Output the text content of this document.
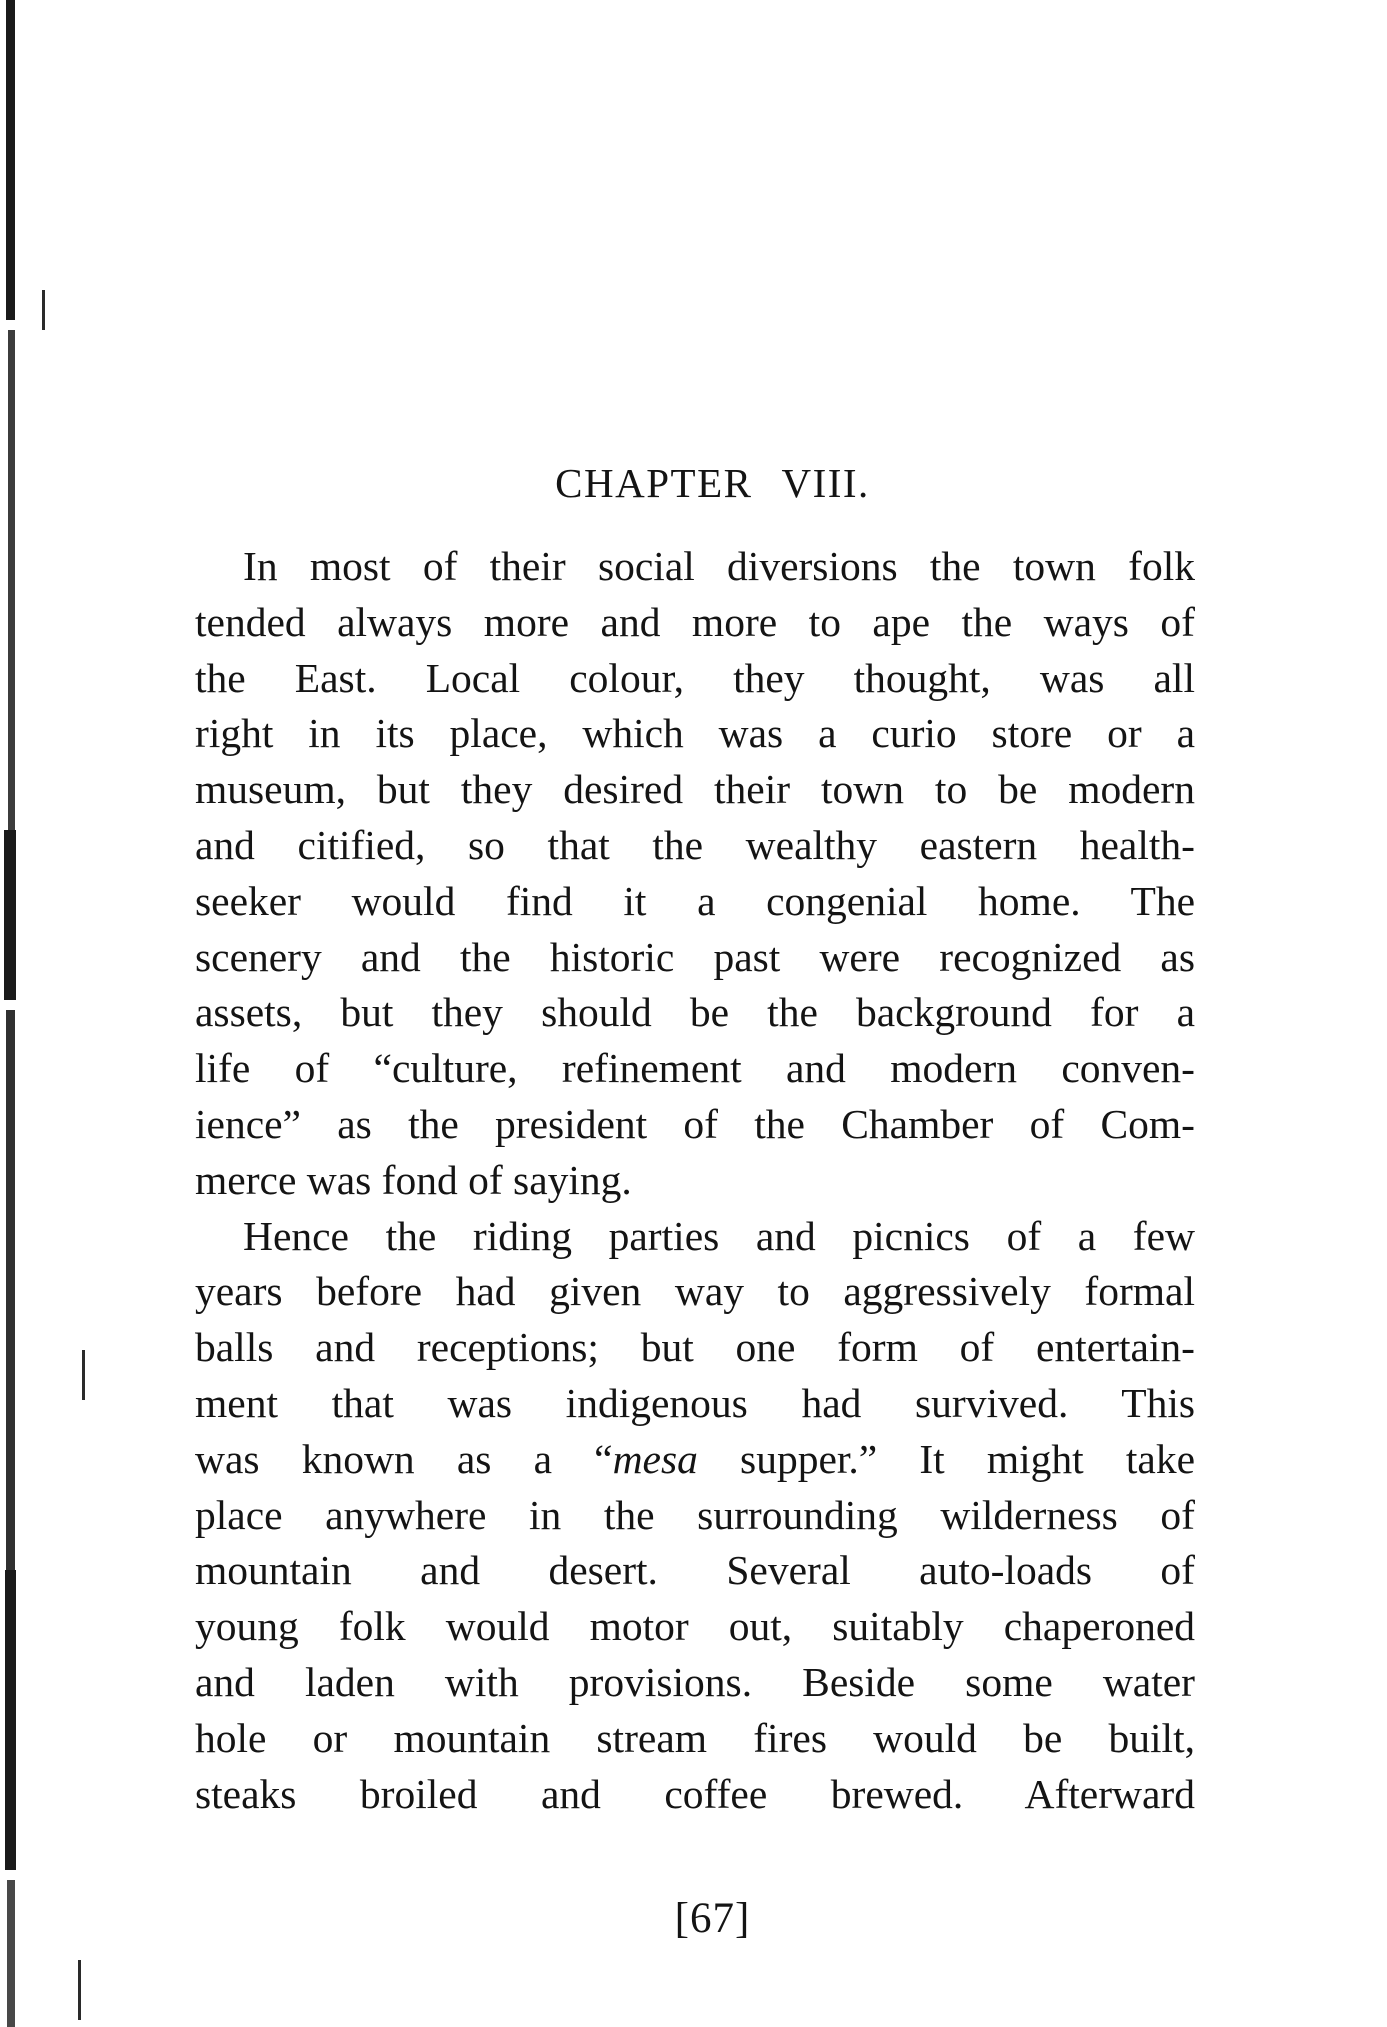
CHAPTER VIII.
In most of their social diversions the town folk
tended always more and more to ape the ways of
the East. Local colour, they thought, was all
right in its place, which was a curio store or a
museum, but they desired their town to be modern
and citified, so that the wealthy eastern health-
seeker would find it a congenial home. The
scenery and the historic past were recognized as
assets, but they should be the background for a
life of “culture, refinement and modern conven-
ience” as the president of the Chamber of Com-
merce was fond of saying.
Hence the riding parties and picnics of a few
years before had given way to aggressively formal
balls and receptions; but one form of entertain-
ment that was indigenous had survived. This
was known as a “mesa supper.” It might take
place anywhere in the surrounding wilderness of
mountain and desert. Several auto-loads of
young folk would motor out, suitably chaperoned
and laden with provisions. Beside some water
hole or mountain stream fires would be built,
steaks broiled and coffee brewed. Afterward
[67]
